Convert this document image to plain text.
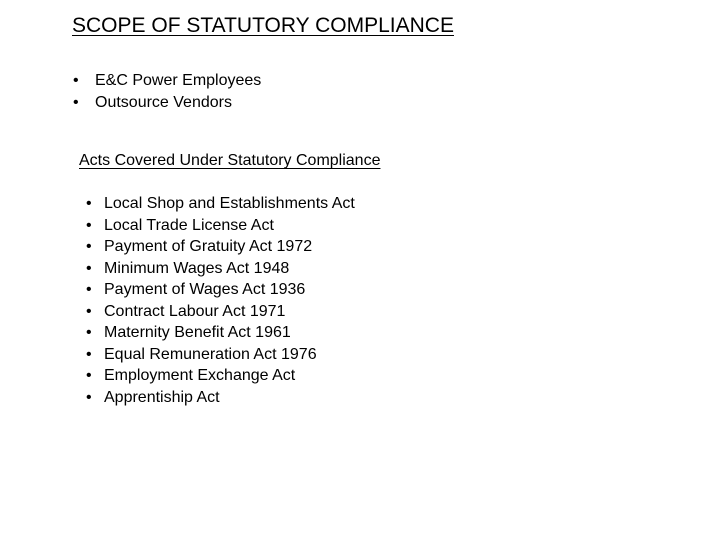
SCOPE OF STATUTORY COMPLIANCE
•	E&C Power Employees
•	Outsource Vendors
Acts Covered Under Statutory Compliance
• Local Shop and Establishments Act
• Local Trade License Act
• Payment of Gratuity Act 1972
• Minimum Wages Act 1948
• Payment of Wages Act 1936
• Contract Labour Act 1971
• Maternity Benefit Act 1961
• Equal Remuneration Act 1976
• Employment Exchange Act
• Apprentiship Act
